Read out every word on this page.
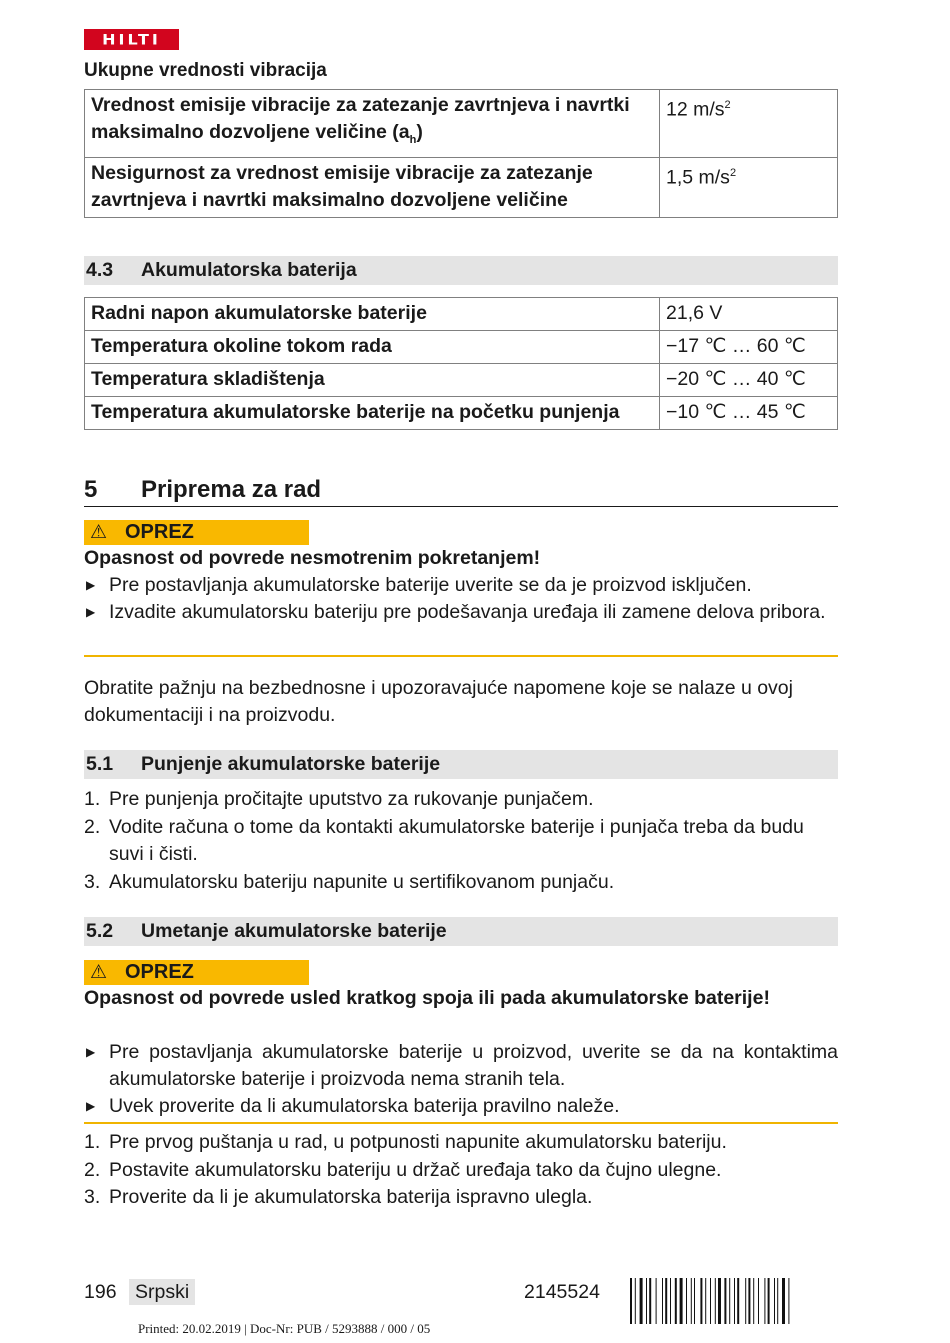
HILTI
Ukupne vrednosti vibracija
Vrednost emisije vibracije za zatezanje zavrtnjeva i navrtki maksimalno dozvoljene veličine $(a_h)$	12 $m/s^2$
Nesigurnost za vrednost emisije vibracije za zatezanje zavrtnjeva i navrtki maksimalno dozvoljene veličine	1,5 $m/s^2$
4.3 Akumulatorska baterija
Radni napon akumulatorske baterije	21,6 V
Temperatura okoline tokom rada	−17 ℃ … 60 ℃
Temperatura skladištenja	−20 ℃ … 40 ℃
Temperatura akumulatorske baterije na početku punjenja	−10 ℃ … 45 ℃
5 Priprema za rad
⚠ OPREZ
Opasnost od povrede nesmotrenim pokretanjem!
▶ Pre postavljanja akumulatorske baterije uverite se da je proizvod isključen.
▶ Izvadite akumulatorsku bateriju pre podešavanja uređaja ili zamene delova pribora.
Obratite pažnju na bezbednosne i upozoravajuće napomene koje se nalaze u ovoj dokumentaciji i na proizvodu.
5.1 Punjenje akumulatorske baterije
1. Pre punjenja pročitajte uputstvo za rukovanje punjačem.
2. Vodite računa o tome da kontakti akumulatorske baterije i punjača treba da budu suvi i čisti.
3. Akumulatorsku bateriju napunite u sertifikovanom punjaču.
5.2 Umetanje akumulatorske baterije
⚠ OPREZ
Opasnost od povrede usled kratkog spoja ili pada akumulatorske baterije!
▶ Pre postavljanja akumulatorske baterije u proizvod, uverite se da na kontaktima akumulatorske baterije i proizvoda nema stranih tela.
▶ Uvek proverite da li akumulatorska baterija pravilno naleže.
1. Pre prvog puštanja u rad, u potpunosti napunite akumulatorsku bateriju.
2. Postavite akumulatorsku bateriju u držač uređaja tako da čujno ulegne.
3. Proverite da li je akumulatorska baterija ispravno ulegla.
196 Srpski	2145524
Printed: 20.02.2019 | Doc-Nr: PUB / 5293888 / 000 / 05
